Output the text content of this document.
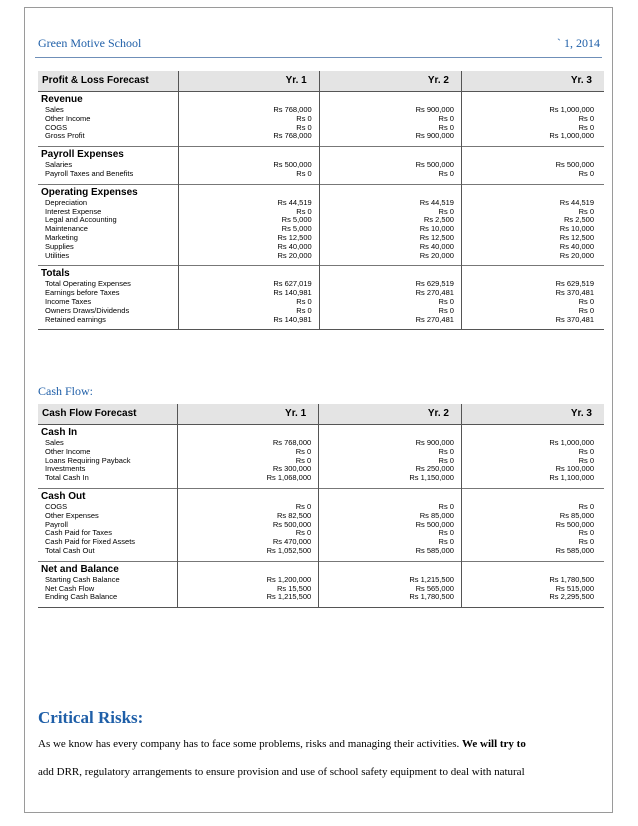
Green Motive School	` 1, 2014
Profit & Loss Forecast	Yr. 1	Yr. 2	Yr. 3
Revenue			
Sales	Rs 768,000	Rs 900,000	Rs 1,000,000
Other Income	Rs 0	Rs 0	Rs 0
COGS	Rs 0	Rs 0	Rs 0
Gross Profit	Rs 768,000	Rs 900,000	Rs 1,000,000

Payroll Expenses			
Salaries	Rs 500,000	Rs 500,000	Rs 500,000
Payroll Taxes and Benefits	Rs 0	Rs 0	Rs 0

Operating Expenses			
Depreciation	Rs 44,519	Rs 44,519	Rs 44,519
Interest Expense	Rs 0	Rs 0	Rs 0
Legal and Accounting	Rs 5,000	Rs 2,500	Rs 2,500
Maintenance	Rs 5,000	Rs 10,000	Rs 10,000
Marketing	Rs 12,500	Rs 12,500	Rs 12,500
Supplies	Rs 40,000	Rs 40,000	Rs 40,000
Utilities	Rs 20,000	Rs 20,000	Rs 20,000

Totals			
Total Operating Expenses	Rs 627,019	Rs 629,519	Rs 629,519
Earnings before Taxes	Rs 140,981	Rs 270,481	Rs 370,481
Income Taxes	Rs 0	Rs 0	Rs 0
Owners Draws/Dividends	Rs 0	Rs 0	Rs 0
Retained earnings	Rs 140,981	Rs 270,481	Rs 370,481

Cash Flow:
Cash Flow Forecast	Yr. 1	Yr. 2	Yr. 3
Cash In			
Sales	Rs 768,000	Rs 900,000	Rs 1,000,000
Other Income	Rs 0	Rs 0	Rs 0
Loans Requiring Payback	Rs 0	Rs 0	Rs 0
Investments	Rs 300,000	Rs 250,000	Rs 100,000
Total Cash In	Rs 1,068,000	Rs 1,150,000	Rs 1,100,000

Cash Out			
COGS	Rs 0	Rs 0	Rs 0
Other Expenses	Rs 82,500	Rs 85,000	Rs 85,000
Payroll	Rs 500,000	Rs 500,000	Rs 500,000
Cash Paid for Taxes	Rs 0	Rs 0	Rs 0
Cash Paid for Fixed Assets	Rs 470,000	Rs 0	Rs 0
Total Cash Out	Rs 1,052,500	Rs 585,000	Rs 585,000

Net and Balance			
Starting Cash Balance	Rs 1,200,000	Rs 1,215,500	Rs 1,780,500
Net Cash Flow	Rs 15,500	Rs 565,000	Rs 515,000
Ending Cash Balance	Rs 1,215,500	Rs 1,780,500	Rs 2,295,500

Critical Risks:
As we know has every company has to face some problems, risks and managing their activities. We will try to
add DRR, regulatory arrangements to ensure provision and use of school safety equipment to deal with natural
